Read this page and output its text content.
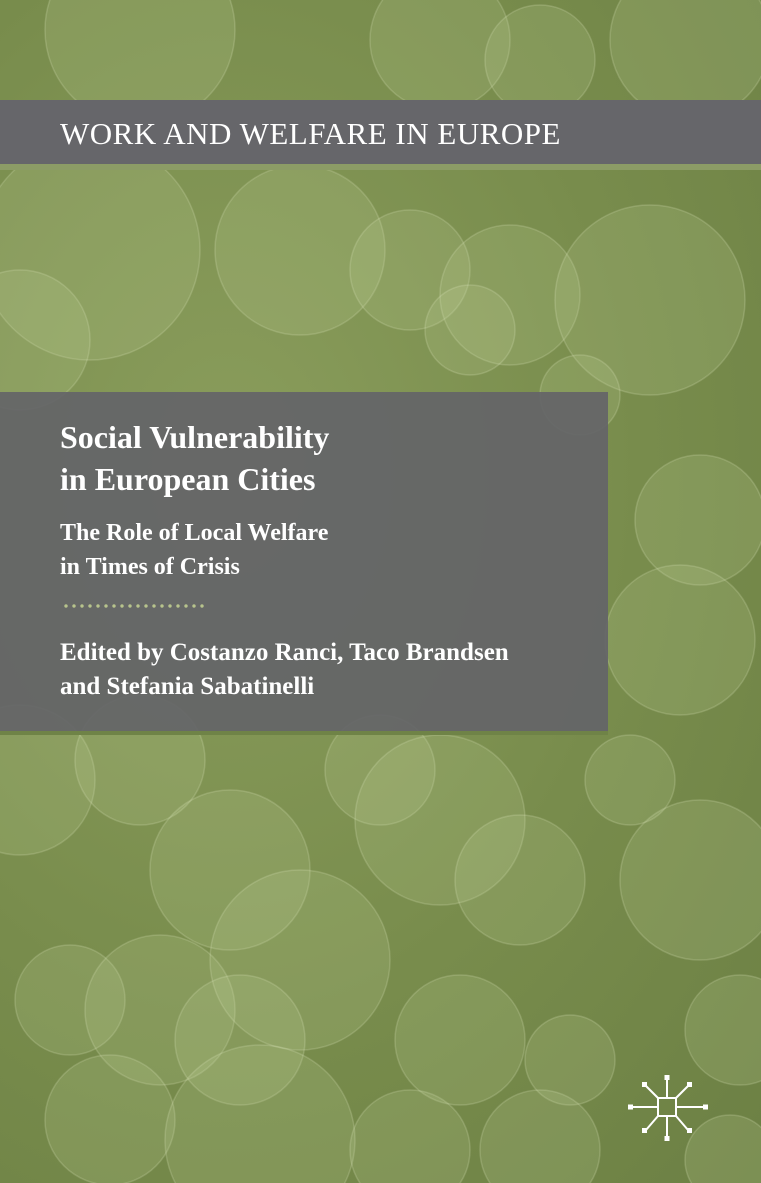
WORK AND WELFARE IN EUROPE
Social Vulnerability
in European Cities
The Role of Local Welfare
in Times of Crisis
Edited by Costanzo Ranci, Taco Brandsen
and Stefania Sabatinelli
